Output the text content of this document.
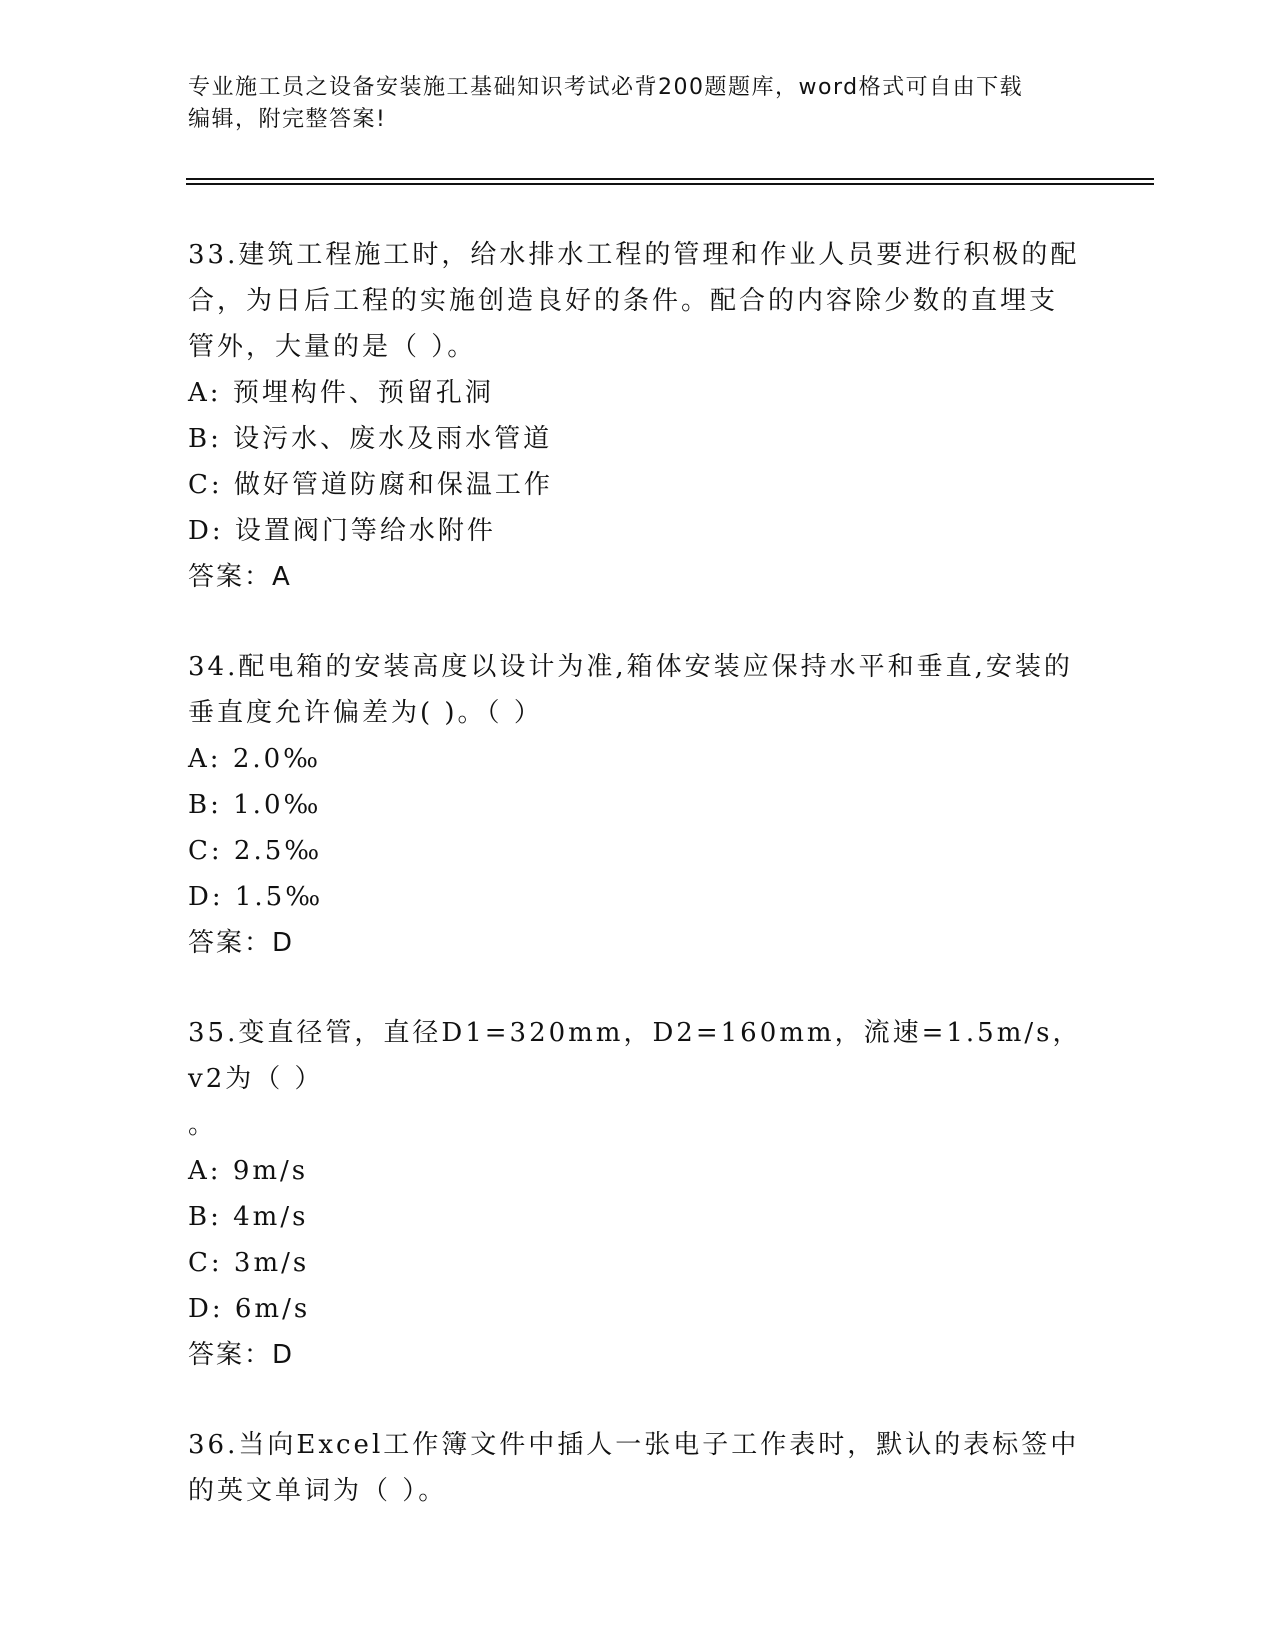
专业施工员之设备安装施工基础知识考试必背200题题库，word格式可自由下载
编辑，附完整答案!

33.建筑工程施工时，给水排水工程的管理和作业人员要进行积极的配

合，为日后工程的实施创造良好的条件。配合的内容除少数的直埋支

管外，大量的是（ ）。

A: 预埋构件、预留孔洞

B: 设污水、废水及雨水管道

C: 做好管道防腐和保温工作

D: 设置阀门等给水附件

答案：A

34.配电箱的安装高度以设计为准,箱体安装应保持水平和垂直,安装的

垂直度允许偏差为( )。（ ）

A: 2.0‰

B: 1.0‰

C: 2.5‰

D: 1.5‰

答案：D

35.变直径管，直径D1=320mm，D2=160mm，流速=1.5m/s，v2为（ ）

。

A: 9m/s

B: 4m/s

C: 3m/s

D: 6m/s

答案：D

36.当向Excel工作簿文件中插人一张电子工作表时，默认的表标签中

的英文单词为（ ）。
